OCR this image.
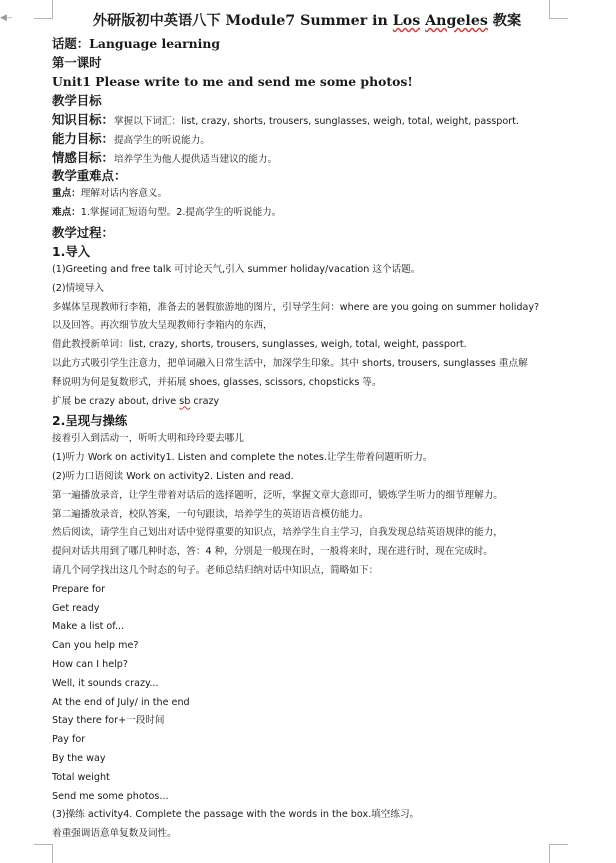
◀‒	外研版初中英语八下 Module7 Summer in Los Angeles 教案
话题：Language learning
第一课时
Unit1 Please write to me and send me some photos!
教学目标
知识目标：掌握以下词汇：list, crazy, shorts, trousers, sunglasses, weigh, total, weight, passport.
能力目标：提高学生的听说能力。
情感目标：培养学生为他人提供适当建议的能力。
教学重难点：
重点：理解对话内容意义。
难点：1.掌握词汇短语句型。2.提高学生的听说能力。
教学过程：
1.导入
(1)Greeting and free talk 可讨论天气,引入 summer holiday/vacation 这个话题。
(2)情境导入
多媒体呈现教师行李箱，准备去的暑假旅游地的图片，引导学生问：where are you going on summer holiday?
以及回答。再次细节放大呈现教师行李箱内的东西，
借此教授新单词：list, crazy, shorts, trousers, sunglasses, weigh, total, weight, passport.
以此方式吸引学生注意力，把单词融入日常生活中，加深学生印象。其中 shorts, trousers, sunglasses 重点解
释说明为何是复数形式，并拓展 shoes, glasses, scissors, chopsticks 等。
扩展 be crazy about, drive sb crazy
2.呈现与操练
接着引入到活动一，听听大明和玲玲要去哪儿
(1)听力 Work on activity1. Listen and complete the notes.让学生带着问题听听力。
(2)听力口语阅读 Work on activity2. Listen and read.
第一遍播放录音，让学生带着对话后的选择题听，泛听，掌握文章大意即可，锻炼学生听力的细节理解力。
第二遍播放录音，校队答案，一句句跟读，培养学生的英语语音模仿能力。
然后阅读，请学生自己划出对话中觉得重要的知识点，培养学生自主学习，自我发现总结英语规律的能力，
提问对话共用到了哪几种时态，答：4 种，分别是一般现在时，一般将来时，现在进行时，现在完成时。
请几个同学找出这几个时态的句子。老师总结归纳对话中知识点，简略如下：
Prepare for
Get ready
Make a list of...
Can you help me?
How can I help?
Well, it sounds crazy...
At the end of July/ in the end
Stay there for+一段时间
Pay for
By the way
Total weight
Send me some photos...
(3)操练 activity4. Complete the passage with the words in the box.填空练习。
着重强调语意单复数及词性。
